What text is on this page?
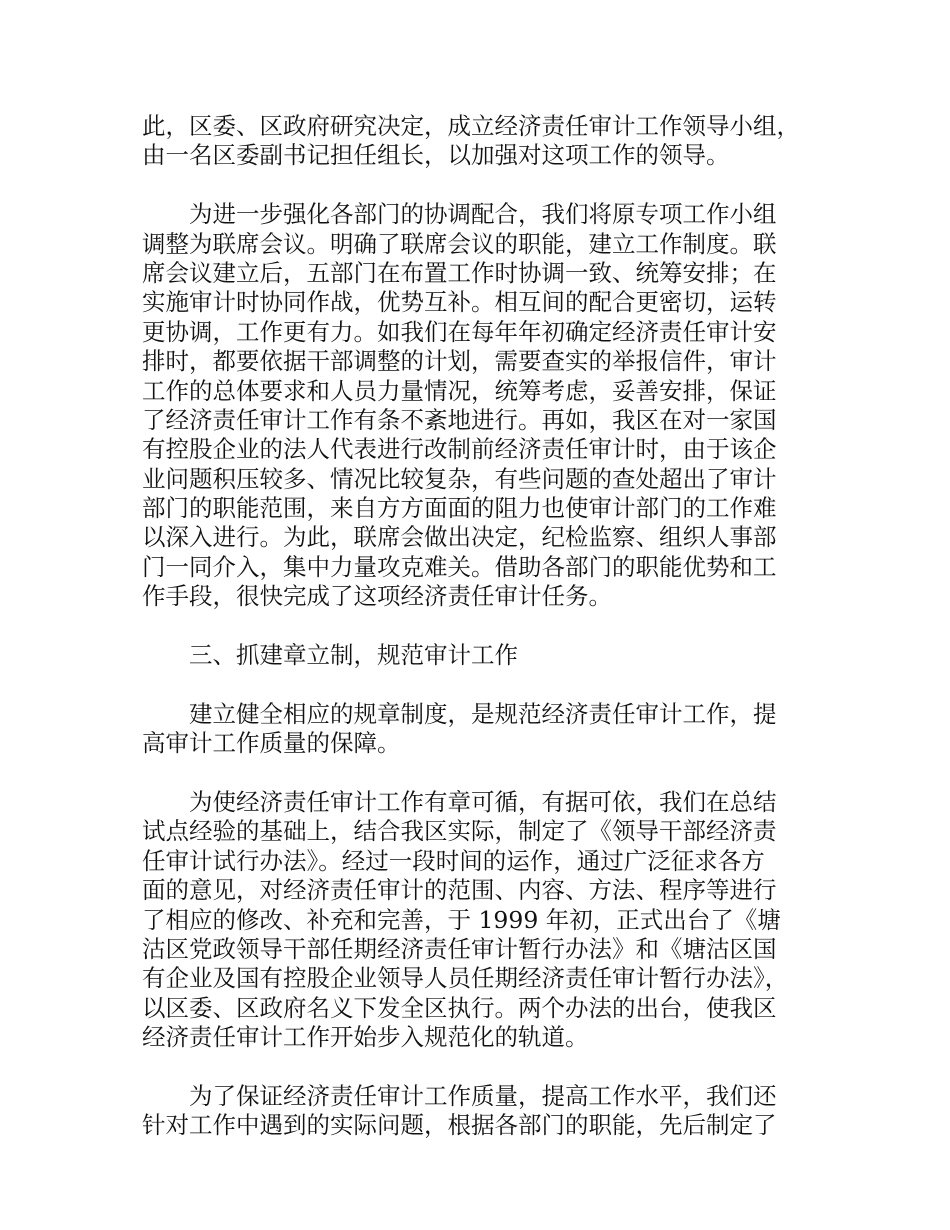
此，区委、区政府研究决定，成立经济责任审计工作领导小组，
由一名区委副书记担任组长，以加强对这项工作的领导。
为进一步强化各部门的协调配合，我们将原专项工作小组
调整为联席会议。明确了联席会议的职能，建立工作制度。联
席会议建立后，五部门在布置工作时协调一致、统筹安排；在
实施审计时协同作战，优势互补。相互间的配合更密切，运转
更协调，工作更有力。如我们在每年年初确定经济责任审计安
排时，都要依据干部调整的计划，需要查实的举报信件，审计
工作的总体要求和人员力量情况，统筹考虑，妥善安排，保证
了经济责任审计工作有条不紊地进行。再如，我区在对一家国
有控股企业的法人代表进行改制前经济责任审计时，由于该企
业问题积压较多、情况比较复杂，有些问题的查处超出了审计
部门的职能范围，来自方方面面的阻力也使审计部门的工作难
以深入进行。为此，联席会做出决定，纪检监察、组织人事部
门一同介入，集中力量攻克难关。借助各部门的职能优势和工
作手段，很快完成了这项经济责任审计任务。
三、抓建章立制，规范审计工作
建立健全相应的规章制度，是规范经济责任审计工作，提
高审计工作质量的保障。
为使经济责任审计工作有章可循，有据可依，我们在总结
试点经验的基础上，结合我区实际，制定了《领导干部经济责
任审计试行办法》。经过一段时间的运作，通过广泛征求各方
面的意见，对经济责任审计的范围、内容、方法、程序等进行
了相应的修改、补充和完善，于 1999 年初，正式出台了《塘
沽区党政领导干部任期经济责任审计暂行办法》和《塘沽区国
有企业及国有控股企业领导人员任期经济责任审计暂行办法》，
以区委、区政府名义下发全区执行。两个办法的出台，使我区
经济责任审计工作开始步入规范化的轨道。
为了保证经济责任审计工作质量，提高工作水平，我们还
针对工作中遇到的实际问题，根据各部门的职能，先后制定了
